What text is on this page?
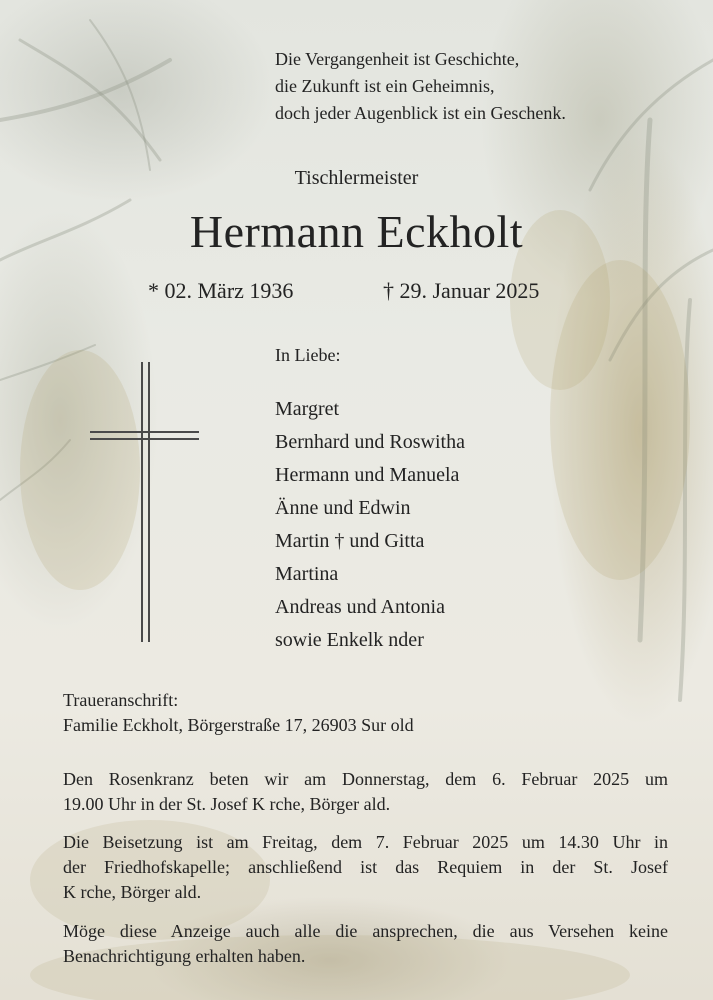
Die Vergangenheit ist Geschichte,
die Zukunft ist ein Geheimnis,
doch jeder Augenblick ist ein Geschenk.
Tischlermeister
Hermann Eckholt
* 02. März 1936	† 29. Januar 2025
In Liebe:
Margret
Bernhard und Roswitha
Hermann und Manuela
Änne und Edwin
Martin † und Gitta
Martina
Andreas und Antonia
sowie Enkelk nder
Traueranschrift:
Familie Eckholt, Börgerstraße 17, 26903 Sur old
Den Rosenkranz beten wir am Donnerstag, dem 6. Februar 2025 um
19.00 Uhr in der St. Josef K rche, Börger ald.
Die Beisetzung ist am Freitag, dem 7. Februar 2025 um 14.30 Uhr in
der Friedhofskapelle; anschließend ist das Requiem in der St. Josef
K rche, Börger ald.
Möge diese Anzeige auch alle die ansprechen, die aus Versehen keine
Benachrichtigung erhalten haben.
